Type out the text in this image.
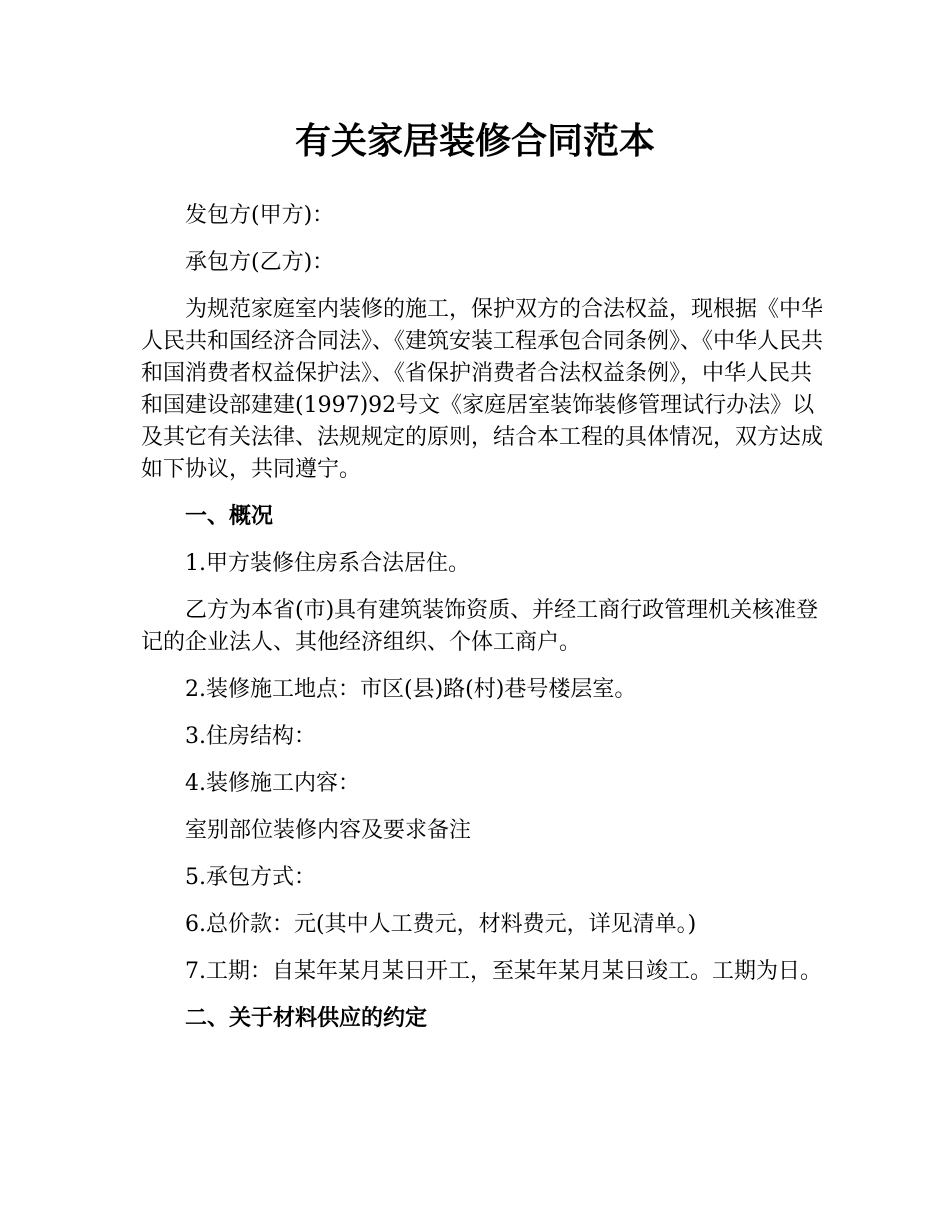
有关家居装修合同范本

发包方(甲方)：

承包方(乙方)：

为规范家庭室内装修的施工，保护双方的合法权益，现根据《中华人民共和国经济合同法》、《建筑安装工程承包合同条例》、《中华人民共和国消费者权益保护法》、《省保护消费者合法权益条例》，中华人民共和国建设部建建(1997)92号文《家庭居室装饰装修管理试行办法》以及其它有关法律、法规规定的原则，结合本工程的具体情况，双方达成如下协议，共同遵宁。

一、概况

1.甲方装修住房系合法居住。

乙方为本省(市)具有建筑装饰资质、并经工商行政管理机关核准登记的企业法人、其他经济组织、个体工商户。

2.装修施工地点：市区(县)路(村)巷号楼层室。

3.住房结构：

4.装修施工内容：

室别部位装修内容及要求备注

5.承包方式：

6.总价款：元(其中人工费元，材料费元，详见清单。)

7.工期：自某年某月某日开工，至某年某月某日竣工。工期为日。

二、关于材料供应的约定
